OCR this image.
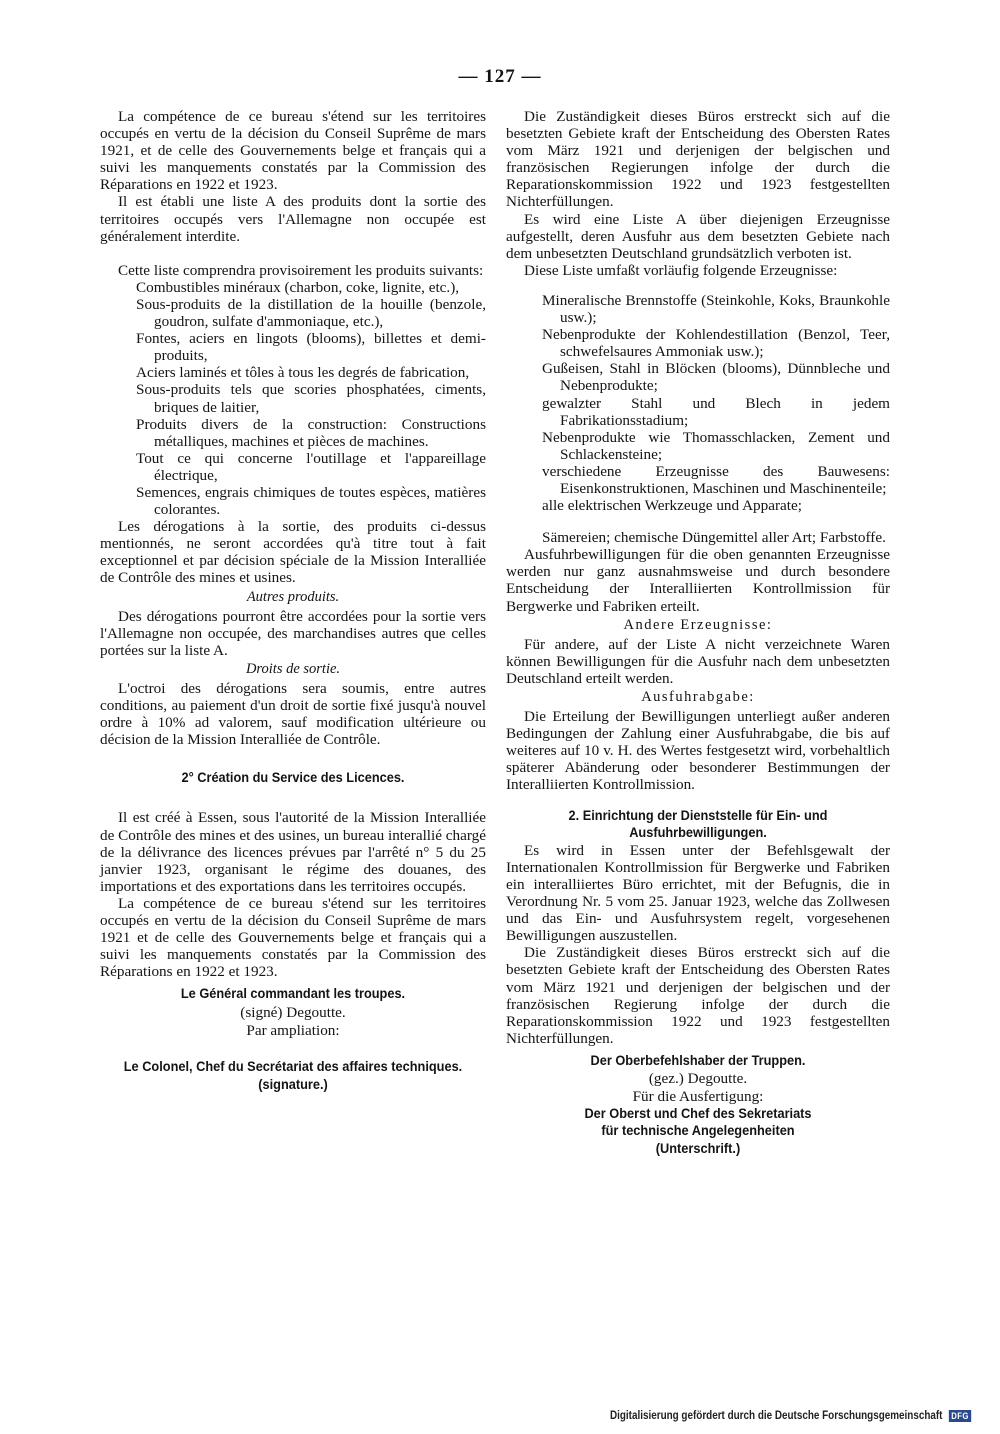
— 127 —

La compétence de ce bureau s'étend sur les territoires occupés en vertu de la décision du Conseil Suprême de mars 1921, et de celle des Gouvernements belge et français qui a suivi les manquements constatés par la Commission des Réparations en 1922 et 1923.

Il est établi une liste A des produits dont la sortie des territoires occupés vers l'Allemagne non occupée est généralement interdite.

Cette liste comprendra provisoirement les produits suivants:

Combustibles minéraux (charbon, coke, lignite, etc.),
Sous-produits de la distillation de la houille (benzole, goudron, sulfate d'ammoniaque, etc.),
Fontes, aciers en lingots (blooms), billettes et demi-produits,
Aciers laminés et tôles à tous les degrés de fabrication,
Sous-produits tels que scories phosphatées, ciments, briques de laitier,
Produits divers de la construction: Constructions métalliques, machines et pièces de machines.
Tout ce qui concerne l'outillage et l'appareillage électrique,
Semences, engrais chimiques de toutes espèces, matières colorantes.

Les dérogations à la sortie, des produits ci-dessus mentionnés, ne seront accordées qu'à titre tout à fait exceptionnel et par décision spéciale de la Mission Interalliée de Contrôle des mines et usines.

Autres produits.

Des dérogations pourront être accordées pour la sortie vers l'Allemagne non occupée, des marchandises autres que celles portées sur la liste A.

Droits de sortie.

L'octroi des dérogations sera soumis, entre autres conditions, au paiement d'un droit de sortie fixé jusqu'à nouvel ordre à 10% ad valorem, sauf modification ultérieure ou décision de la Mission Interalliée de Contrôle.

2° Création du Service des Licences.

Il est créé à Essen, sous l'autorité de la Mission Interalliée de Contrôle des mines et des usines, un bureau interallié chargé de la délivrance des licences prévues par l'arrêté n° 5 du 25 janvier 1923, organisant le régime des douanes, des importations et des exportations dans les territoires occupés.

La compétence de ce bureau s'étend sur les territoires occupés en vertu de la décision du Conseil Suprême de mars 1921 et de celle des Gouvernements belge et français qui a suivi les manquements constatés par la Commission des Réparations en 1922 et 1923.

Le Général commandant les troupes.
(signé) Degoutte.
Par ampliation:
Le Colonel, Chef du Secrétariat des affaires techniques.
(signature.)

Die Zuständigkeit dieses Büros erstreckt sich auf die besetzten Gebiete kraft der Entscheidung des Obersten Rates vom März 1921 und derjenigen der belgischen und französischen Regierungen infolge der durch die Reparationskommission 1922 und 1923 festgestellten Nichterfüllungen.

Es wird eine Liste A über diejenigen Erzeugnisse aufgestellt, deren Ausfuhr aus dem besetzten Gebiete nach dem unbesetzten Deutschland grundsätzlich verboten ist.

Diese Liste umfaßt vorläufig folgende Erzeugnisse:

Mineralische Brennstoffe (Steinkohle, Koks, Braunkohle usw.);
Nebenprodukte der Kohlendestillation (Benzol, Teer, schwefelsaures Ammoniak usw.);
Gußeisen, Stahl in Blöcken (blooms), Dünnbleche und Nebenprodukte;
gewalzter Stahl und Blech in jedem Fabrikationsstadium;
Nebenprodukte wie Thomasschlacken, Zement und Schlackensteine;
verschiedene Erzeugnisse des Bauwesens: Eisenkonstruktionen, Maschinen und Maschinenteile;
alle elektrischen Werkzeuge und Apparate;
Sämereien; chemische Düngemittel aller Art; Farbstoffe.

Ausfuhrbewilligungen für die oben genannten Erzeugnisse werden nur ganz ausnahmsweise und durch besondere Entscheidung der Interalliierten Kontrollmission für Bergwerke und Fabriken erteilt.

Andere Erzeugnisse:

Für andere, auf der Liste A nicht verzeichnete Waren können Bewilligungen für die Ausfuhr nach dem unbesetzten Deutschland erteilt werden.

Ausfuhrabgabe:

Die Erteilung der Bewilligungen unterliegt außer anderen Bedingungen der Zahlung einer Ausfuhrabgabe, die bis auf weiteres auf 10 v. H. des Wertes festgesetzt wird, vorbehaltlich späterer Abänderung oder besonderer Bestimmungen der Interalliierten Kontrollmission.

2. Einrichtung der Dienststelle für Ein- und
Ausfuhrbewilligungen.

Es wird in Essen unter der Befehlsgewalt der Internationalen Kontrollmission für Bergwerke und Fabriken ein interalliiertes Büro errichtet, mit der Befugnis, die in Verordnung Nr. 5 vom 25. Januar 1923, welche das Zollwesen und das Ein- und Ausfuhrsystem regelt, vorgesehenen Bewilligungen auszustellen.

Die Zuständigkeit dieses Büros erstreckt sich auf die besetzten Gebiete kraft der Entscheidung des Obersten Rates vom März 1921 und derjenigen der belgischen und der französischen Regierung infolge der durch die Reparationskommission 1922 und 1923 festgestellten Nichterfüllungen.

Der Oberbefehlshaber der Truppen.
(gez.) Degoutte.
Für die Ausfertigung:
Der Oberst und Chef des Sekretariats
für technische Angelegenheiten
(Unterschrift.)
Digitalisierung gefördert durch die Deutsche Forschungsgemeinschaft DFG
